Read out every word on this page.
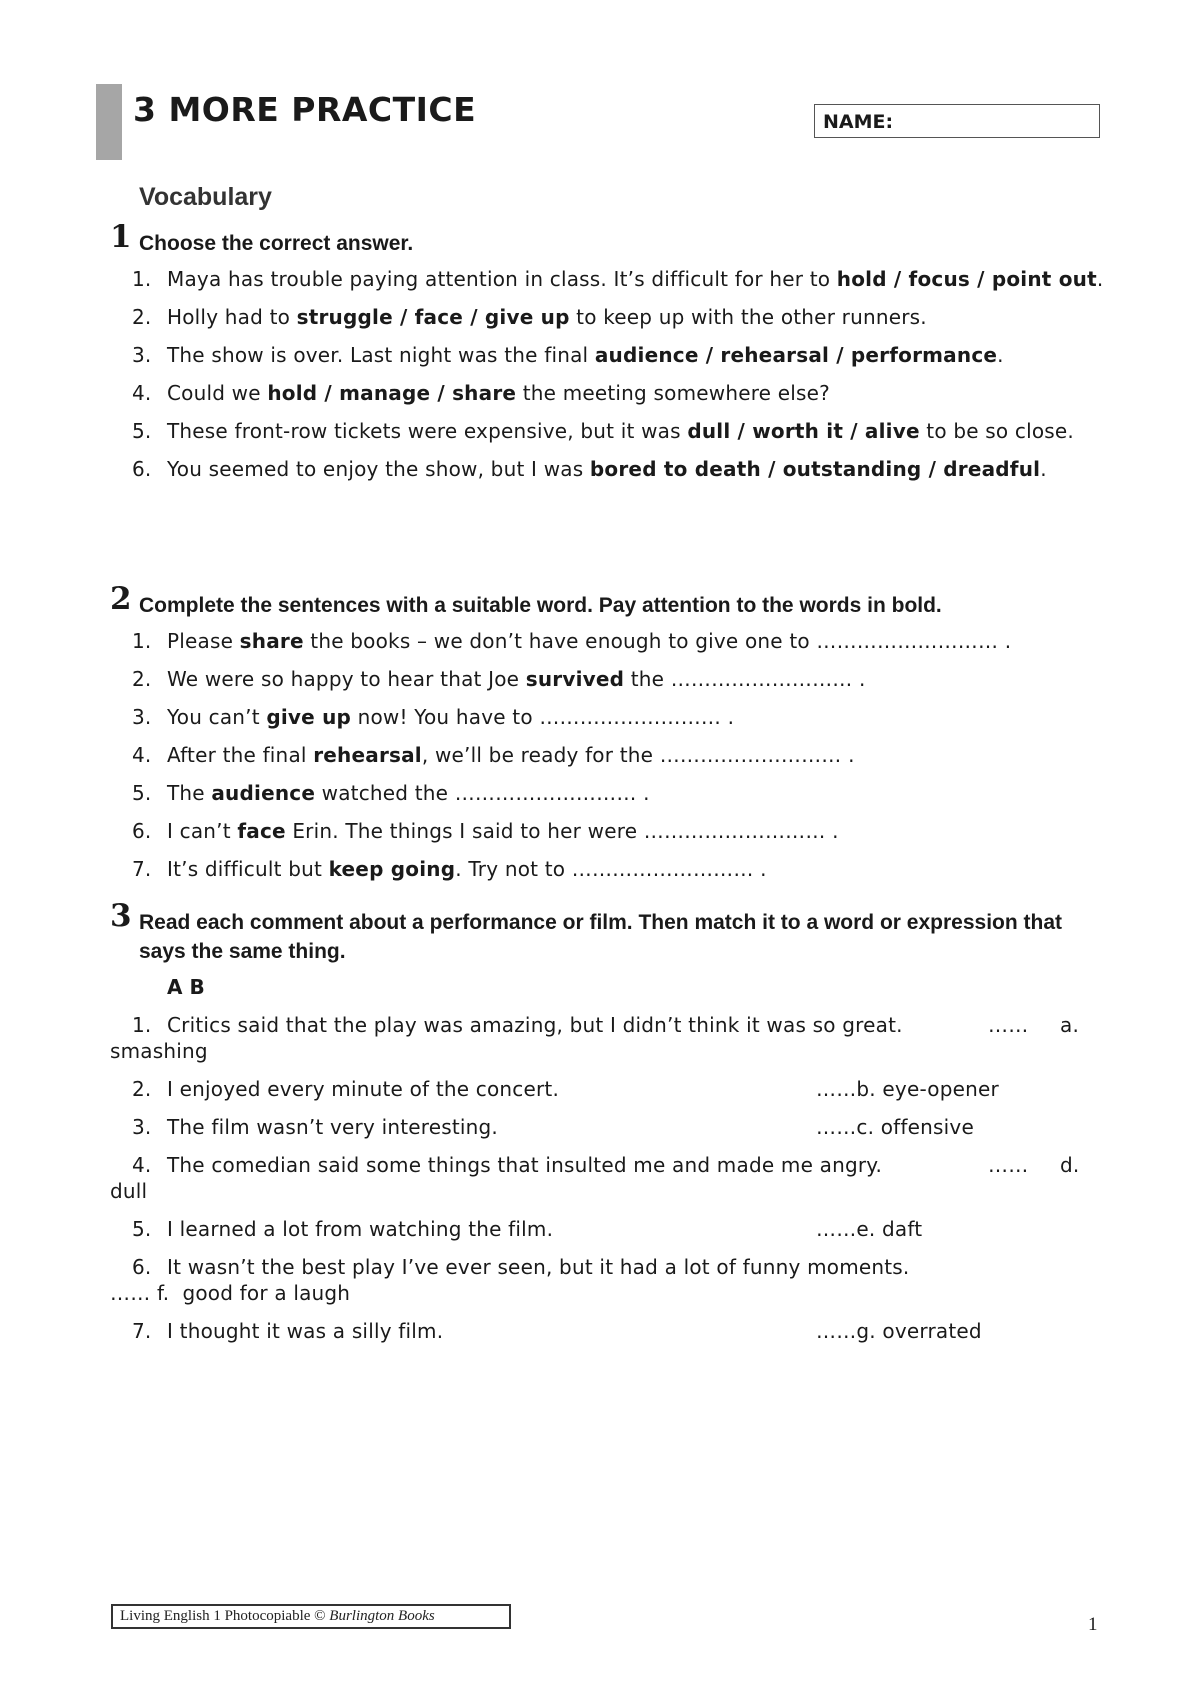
3 MORE PRACTICE	NAME:
Vocabulary
1 Choose the correct answer.
1. Maya has trouble paying attention in class. It’s difficult for her to hold / focus / point out.
2. Holly had to struggle / face / give up to keep up with the other runners.
3. The show is over. Last night was the final audience / rehearsal / performance.
4. Could we hold / manage / share the meeting somewhere else?
5. These front-row tickets were expensive, but it was dull / worth it / alive to be so close.
6. You seemed to enjoy the show, but I was bored to death / outstanding / dreadful.
2 Complete the sentences with a suitable word. Pay attention to the words in bold.
1. Please share the books – we don’t have enough to give one to ……………………… .
2. We were so happy to hear that Joe survived the ……………………… .
3. You can’t give up now! You have to ……………………… .
4. After the final rehearsal, we’ll be ready for the ……………………… .
5. The audience watched the ……………………… .
6. I can’t face Erin. The things I said to her were ……………………… .
7. It’s difficult but keep going. Try not to ……………………… .
3 Read each comment about a performance or film. Then match it to a word or expression that says the same thing.
A B
1. Critics said that the play was amazing, but I didn’t think it was so great.	…… a.
smashing
2. I enjoyed every minute of the concert.	……b. eye-opener
3. The film wasn’t very interesting.	……c. offensive
4. The comedian said some things that insulted me and made me angry.	…… d.
dull
5. I learned a lot from watching the film.	……e. daft
6. It wasn’t the best play I’ve ever seen, but it had a lot of funny moments.
…… f. good for a laugh
7. I thought it was a silly film.	……g. overrated
Living English 1 Photocopiable © Burlington Books	1
